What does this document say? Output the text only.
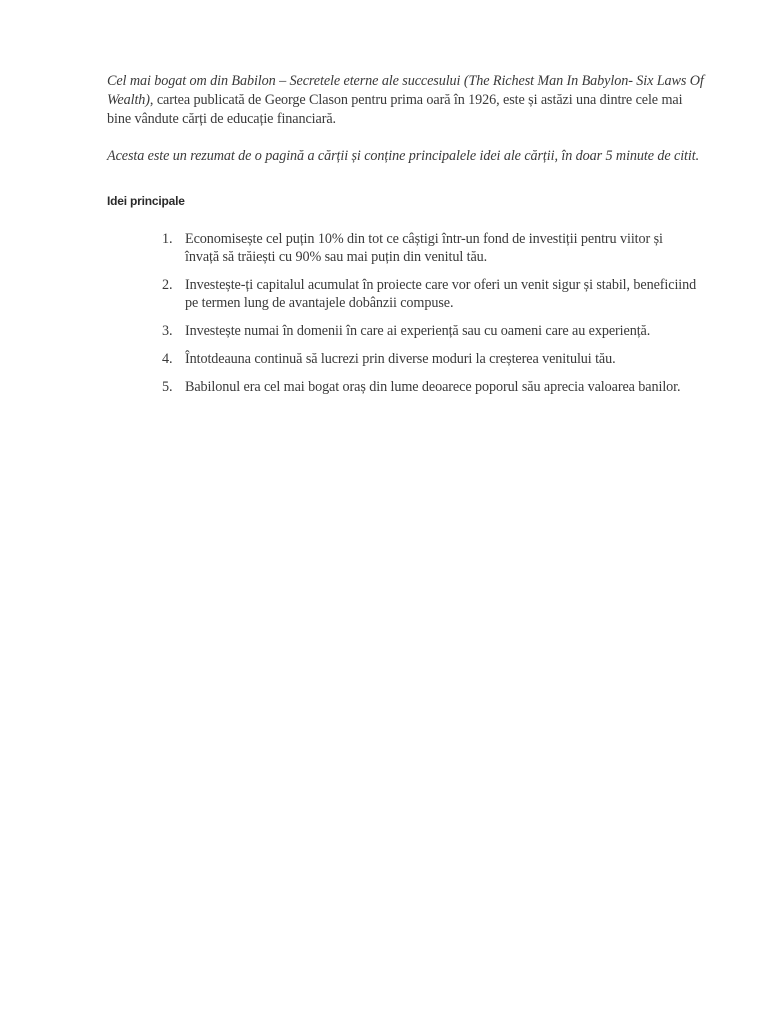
Cel mai bogat om din Babilon – Secretele eterne ale succesului (The Richest Man In Babylon- Six Laws Of Wealth), cartea publicată de George Clason pentru prima oară în 1926, este și astăzi una dintre cele mai bine vândute cărți de educație financiară.

Acesta este un rezumat de o pagină a cărții și conține principalele idei ale cărții, în doar 5 minute de citit.

Idei principale
1. Economisește cel puțin 10% din tot ce câștigi într-un fond de investiții pentru viitor și învață să trăiești cu 90% sau mai puțin din venitul tău.
2. Investește-ți capitalul acumulat în proiecte care vor oferi un venit sigur și stabil, beneficiind pe termen lung de avantajele dobânzii compuse.
3. Investește numai în domenii în care ai experiență sau cu oameni care au experiență.
4. Întotdeauna continuă să lucrezi prin diverse moduri la creșterea venitului tău.
5. Babilonul era cel mai bogat oraș din lume deoarece poporul său aprecia valoarea banilor.
